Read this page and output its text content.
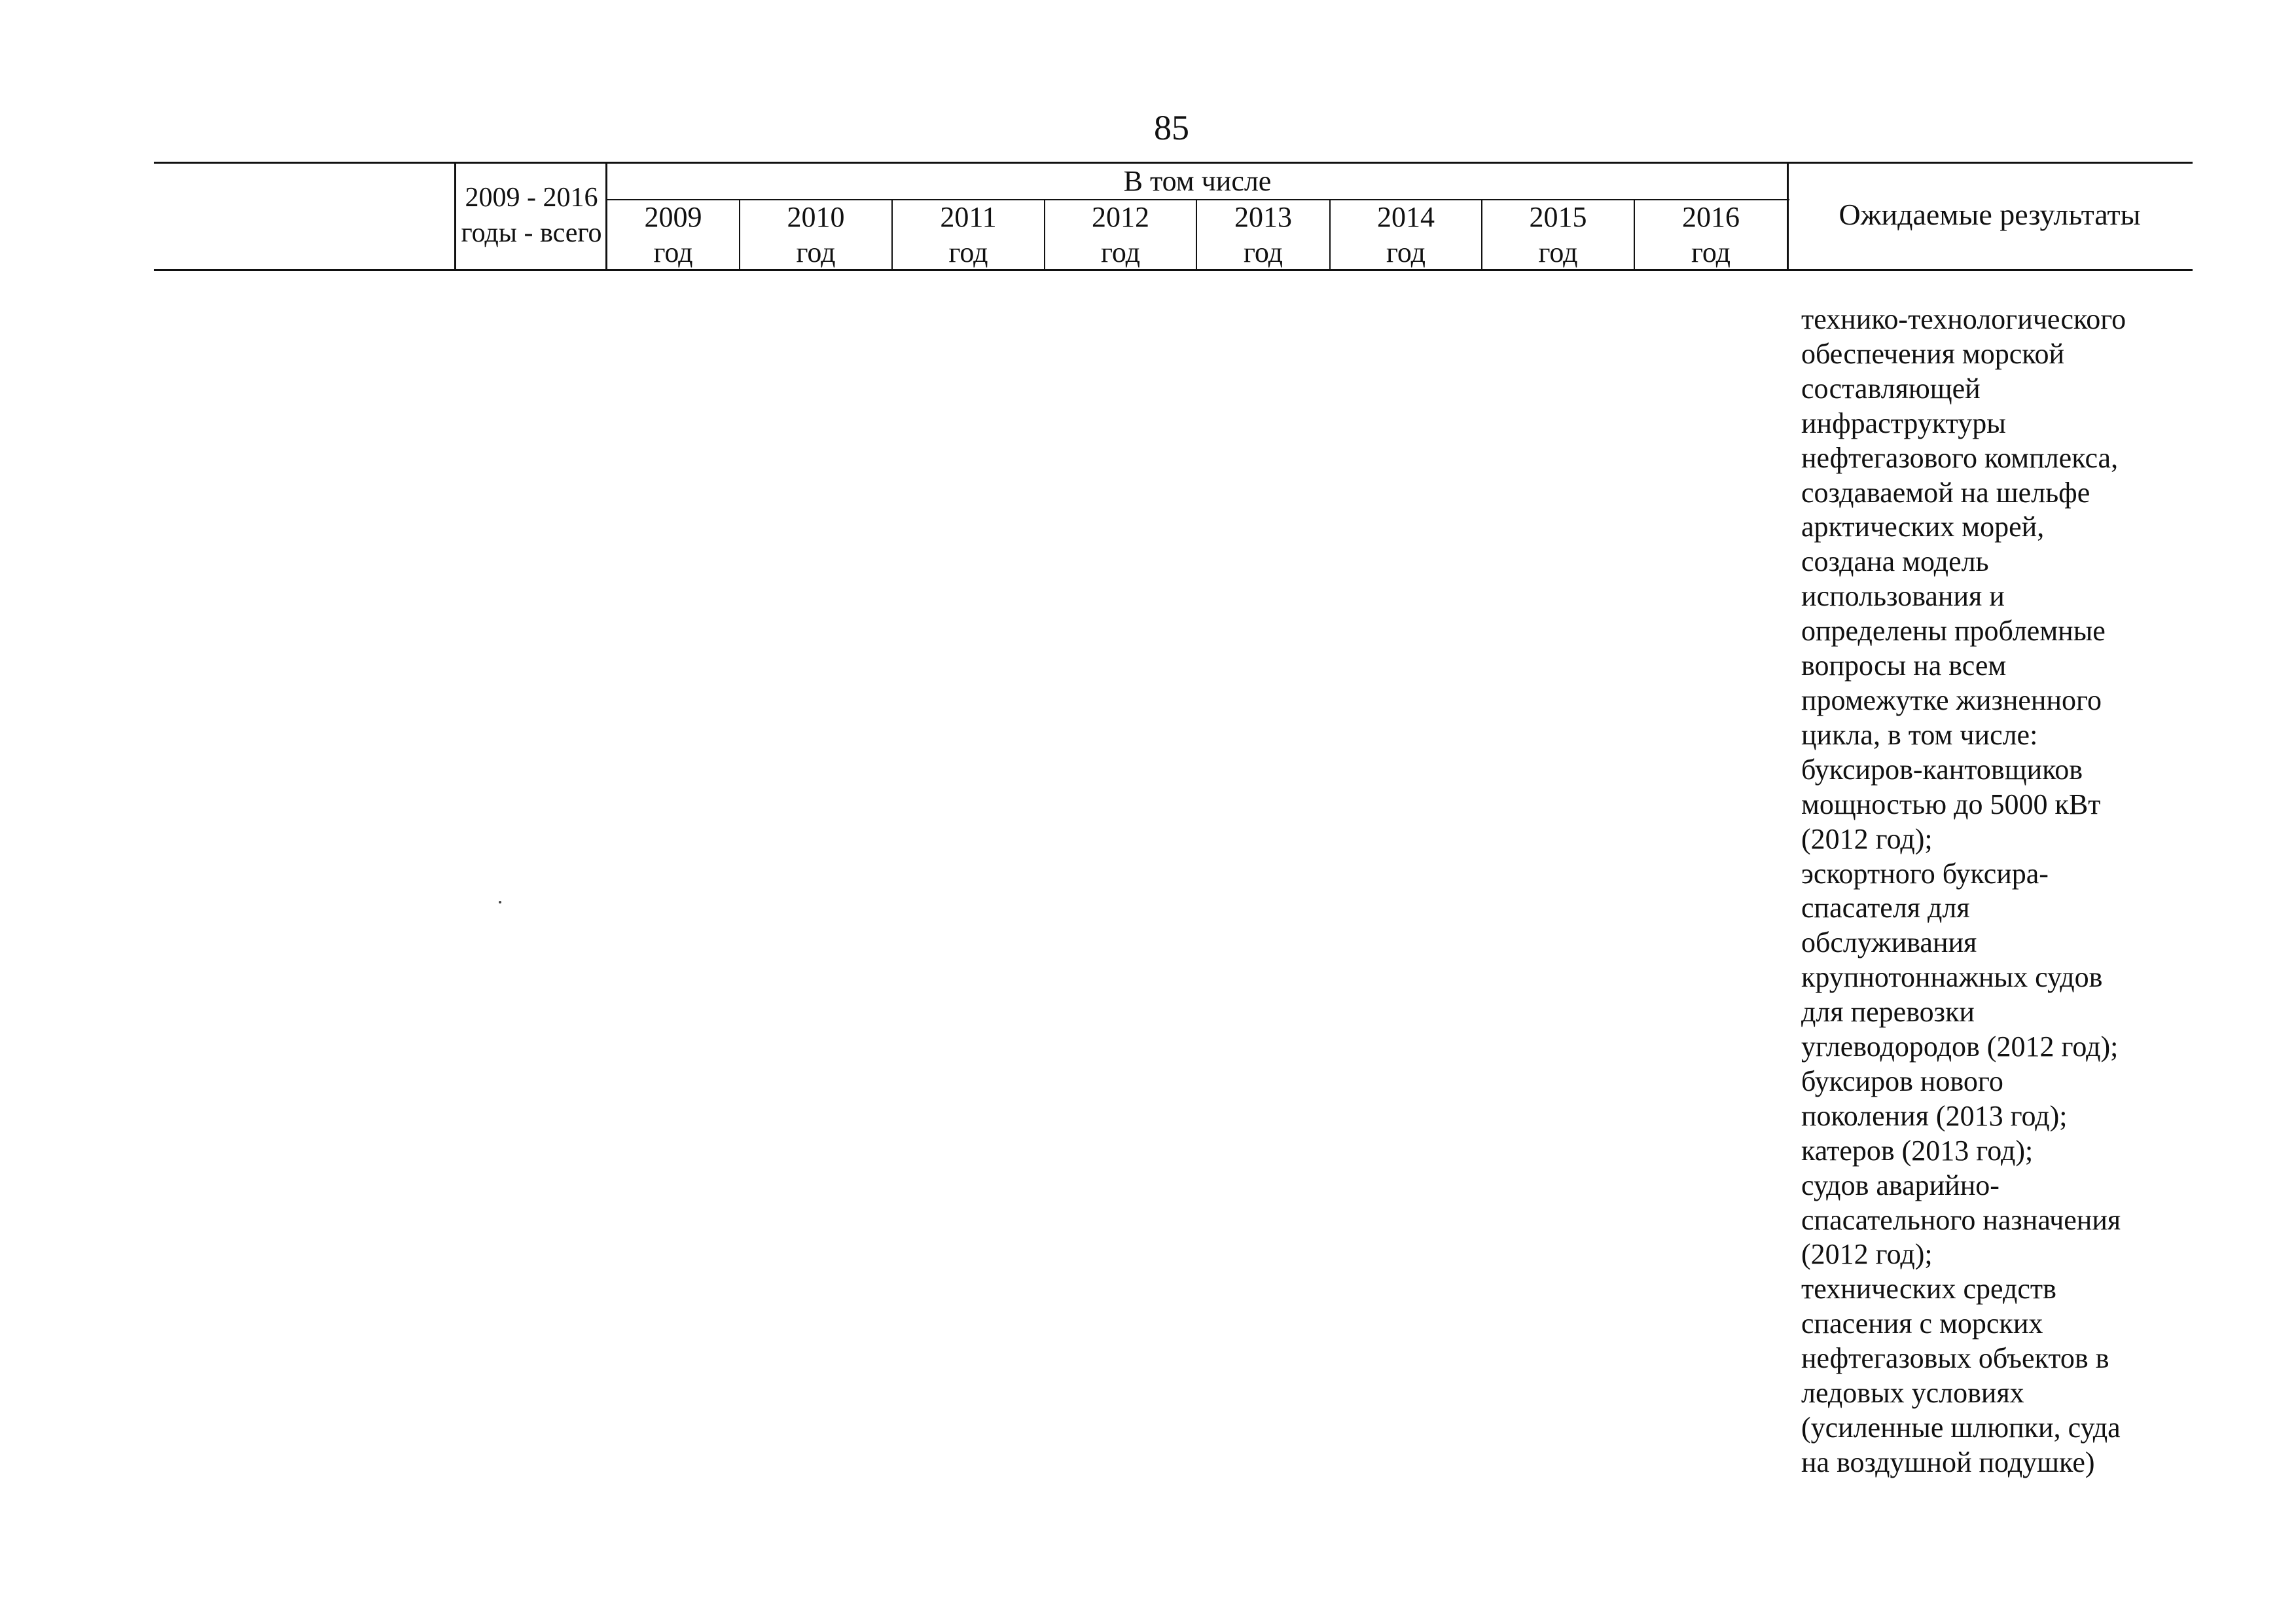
85
2009 - 2016
годы - всего
В том числе
2009
год
2010
год
2011
год
2012
год
2013
год
2014
год
2015
год
2016
год
Ожидаемые результаты
технико-технологического
обеспечения морской
составляющей
инфраструктуры
нефтегазового комплекса,
создаваемой на шельфе
арктических морей,
создана модель
использования и
определены проблемные
вопросы на всем
промежутке жизненного
цикла, в том числе:
буксиров-кантовщиков
мощностью до 5000 кВт
(2012 год);
эскортного буксира-
спасателя для
обслуживания
крупнотоннажных судов
для перевозки
углеводородов (2012 год);
буксиров нового
поколения (2013 год);
катеров (2013 год);
судов аварийно-
спасательного назначения
(2012 год);
технических средств
спасения с морских
нефтегазовых объектов в
ледовых условиях
(усиленные шлюпки, суда
на воздушной подушке)
